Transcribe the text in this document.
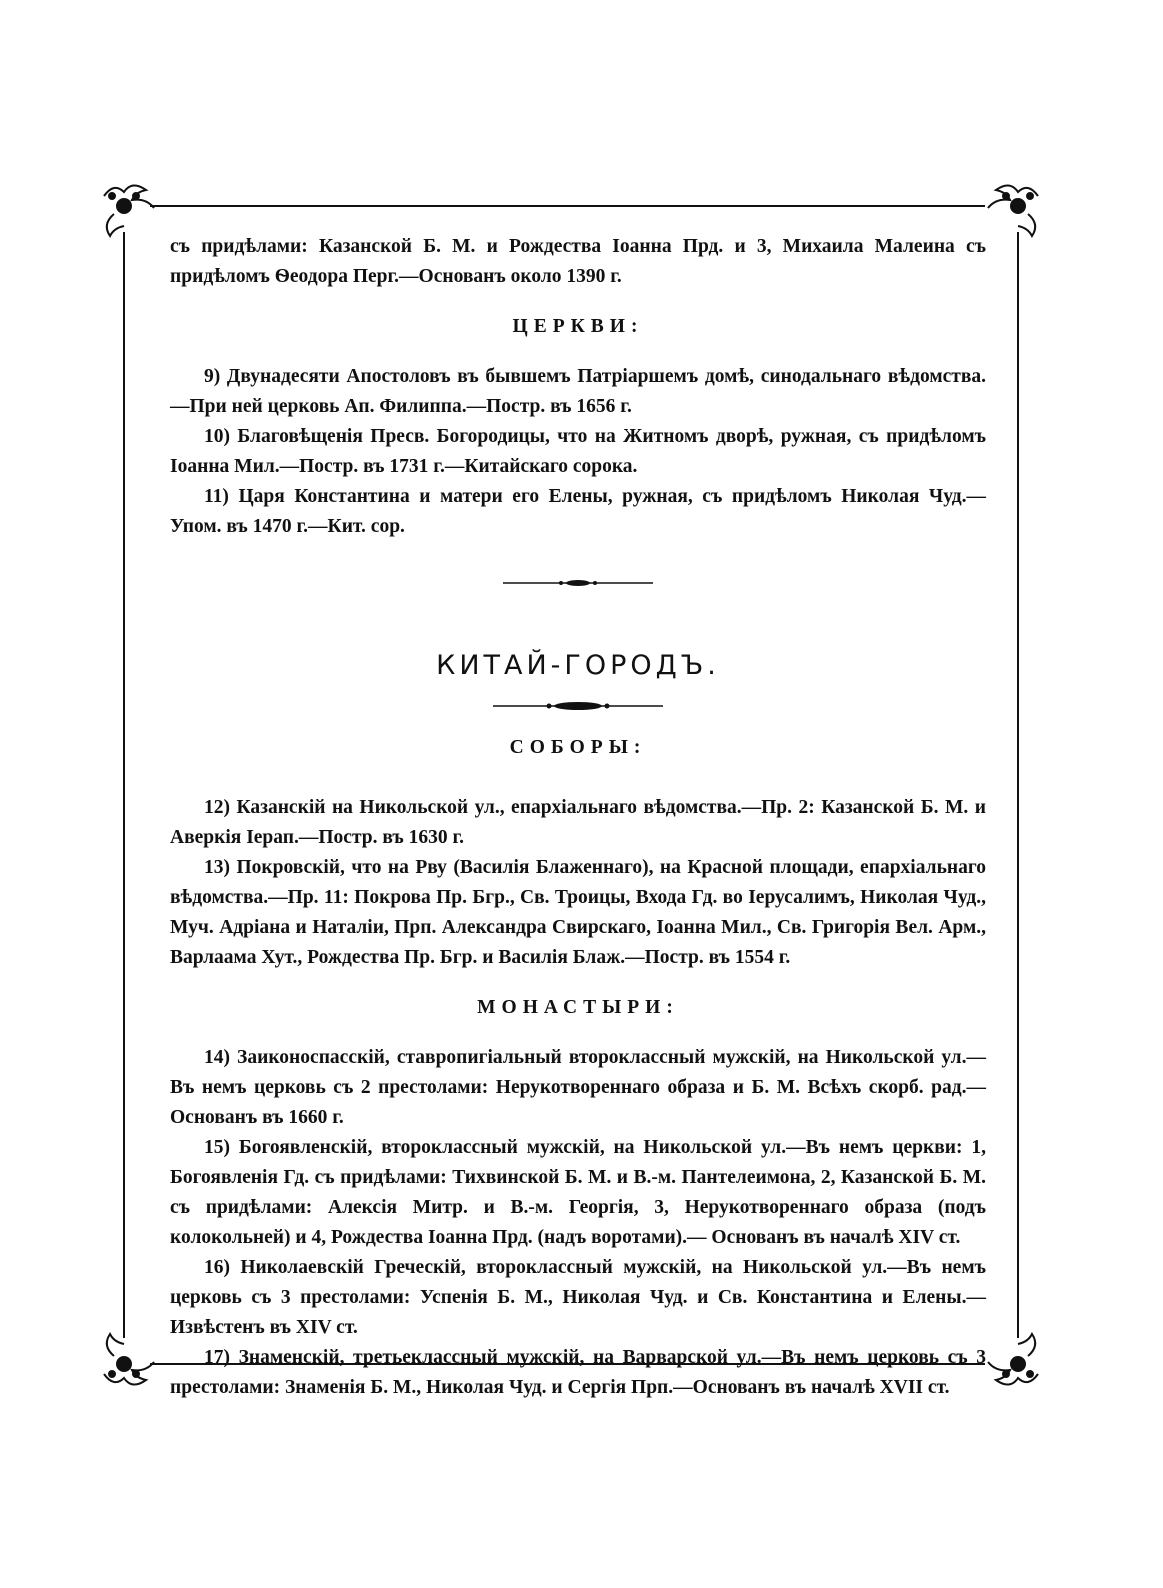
съ придѣлами: Казанской Б. М. и Рождества Іоанна Прд. и 3, Михаила Малеина съ придѣломъ Ѳеодора Перг.—Основанъ около 1390 г.

ЦЕРКВИ:

9) Двунадесяти Апостоловъ въ бывшемъ Патріаршемъ домѣ, синодальнаго вѣдомства.—При ней церковь Ап. Филиппа.—Постр. въ 1656 г.

10) Благовѣщенія Пресв. Богородицы, что на Житномъ дворѣ, ружная, съ придѣломъ Іоанна Мил.—Постр. въ 1731 г.—Китайскаго сорока.

11) Царя Константина и матери его Елены, ружная, съ придѣломъ Николая Чуд.—Упом. въ 1470 г.—Кит. сор.

КИТАЙ-ГОРОДЪ.
СОБОРЫ:

12) Казанскій на Никольской ул., епархіальнаго вѣдомства.—Пр. 2: Казанской Б. М. и Аверкія Іерап.—Постр. въ 1630 г.

13) Покровскій, что на Рву (Василія Блаженнаго), на Красной площади, епархіальнаго вѣдомства.—Пр. 11: Покрова Пр. Бгр., Св. Троицы, Входа Гд. во Іерусалимъ, Николая Чуд., Муч. Адріана и Наталіи, Прп. Александра Свирскаго, Іоанна Мил., Св. Григорія Вел. Арм., Варлаама Хут., Рождества Пр. Бгр. и Василія Блаж.—Постр. въ 1554 г.

МОНАСТЫРИ:

14) Заиконоспасскій, ставропигіальный второклассный мужскій, на Никольской ул.—Въ немъ церковь съ 2 престолами: Нерукотвореннаго образа и Б. М. Всѣхъ скорб. рад.—Основанъ въ 1660 г.

15) Богоявленскій, второклассный мужскій, на Никольской ул.—Въ немъ церкви: 1, Богоявленія Гд. съ придѣлами: Тихвинской Б. М. и В.-м. Пантелеимона, 2, Казанской Б. М. съ придѣлами: Алексія Митр. и В.-м. Георгія, 3, Нерукотвореннаго образа (подъ колокольней) и 4, Рождества Іоанна Прд. (надъ воротами).— Основанъ въ началѣ XIV ст.

16) Николаевскій Греческій, второклассный мужскій, на Никольской ул.—Въ немъ церковь съ 3 престолами: Успенія Б. М., Николая Чуд. и Св. Константина и Елены.—Извѣстенъ въ XIV ст.

17) Знаменскій, третьеклассный мужскій, на Варварской ул.—Въ немъ церковь съ 3 престолами: Знаменія Б. М., Николая Чуд. и Сергія Прп.—Основанъ въ началѣ XVII ст.
